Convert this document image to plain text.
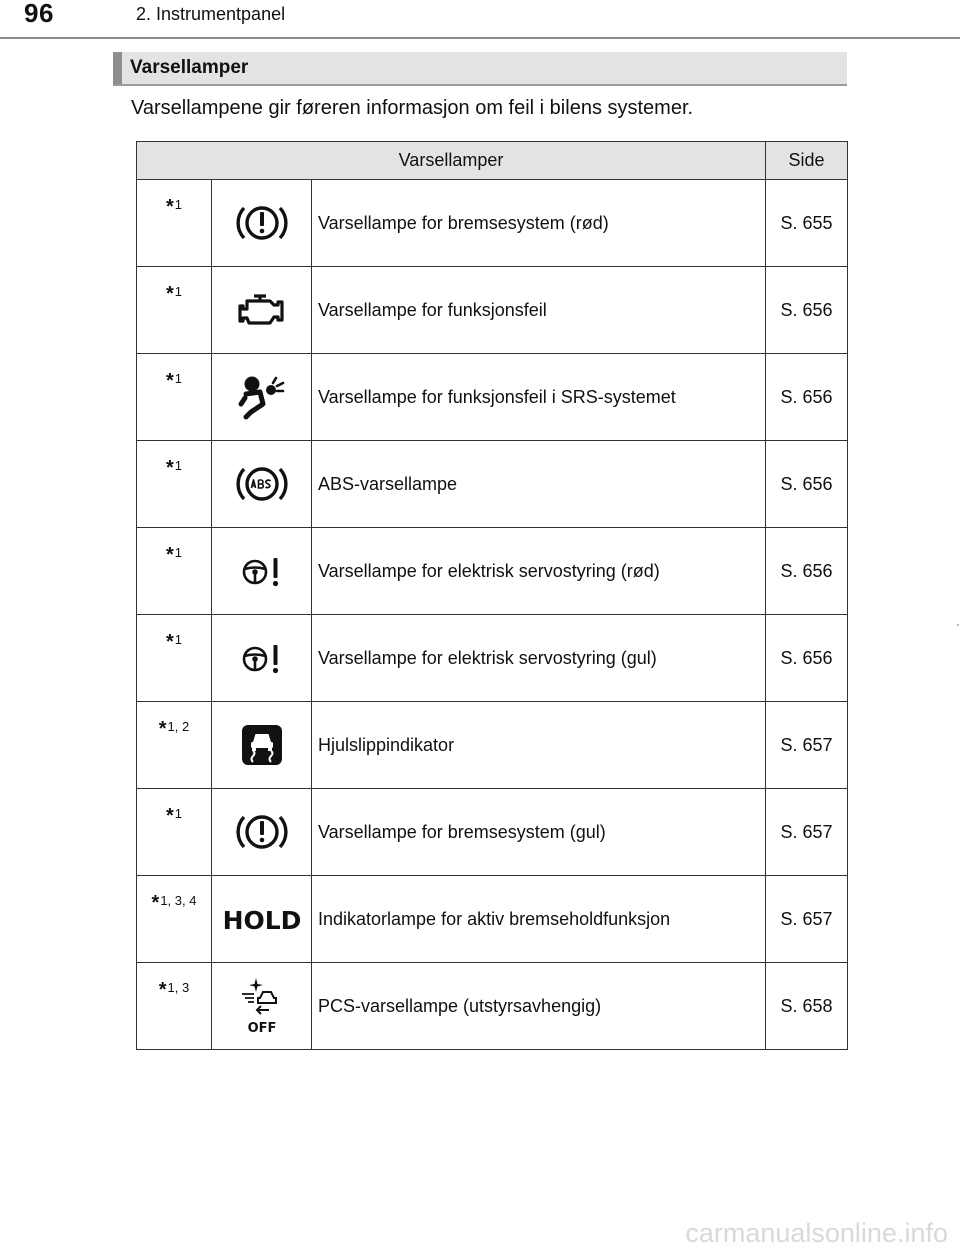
96	2. Instrumentpanel
Varsellamper
Varsellampene gir føreren informasjon om feil i bilens systemer.
Varsellamper			Side
*1		Varsellampe for bremsesystem (rød)	S. 655
*1		Varsellampe for funksjonsfeil	S. 656
*1		Varsellampe for funksjonsfeil i SRS-systemet	S. 656
*1		ABS-varsellampe	S. 656
*1		Varsellampe for elektrisk servostyring (rød)	S. 656
*1		Varsellampe for elektrisk servostyring (gul)	S. 656
*1, 2		Hjulslippindikator	S. 657
*1		Varsellampe for bremsesystem (gul)	S. 657
*1, 3, 4	HOLD	Indikatorlampe for aktiv bremseholdfunksjon	S. 657
*1, 3	OFF	PCS-varsellampe (utstyrsavhengig)	S. 658
carmanualsonline.info
